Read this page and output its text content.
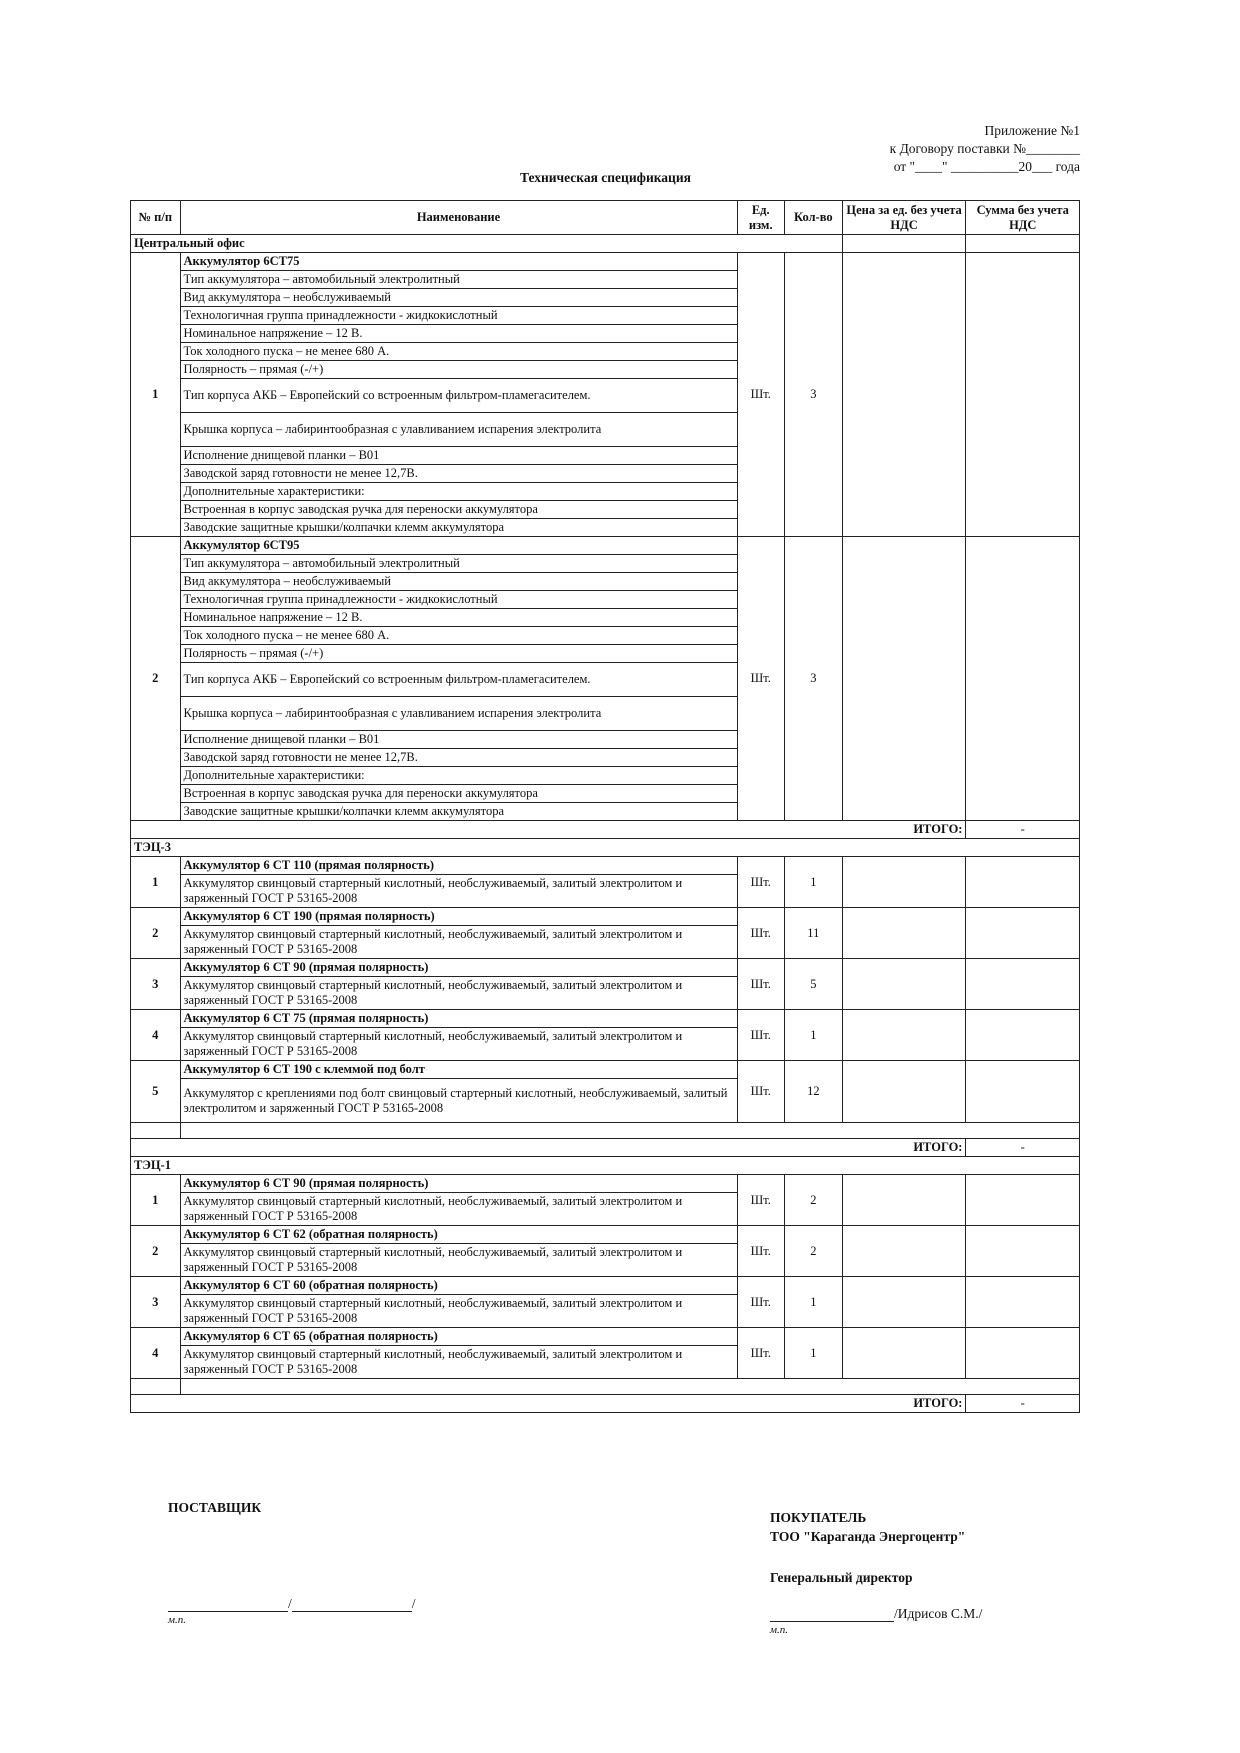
Приложение №1
к Договору поставки №________
от "____" __________20___ года
Техническая спецификация
№ п/п	Наименование	Ед. изм.	Кол-во	Цена за ед. без учета НДС	Сумма без учета НДС
Центральный офис					
1	Аккумулятор 6СТ75	Шт.	3		
	Тип аккумулятора – автомобильный электролитный				
	Вид аккумулятора – необслуживаемый				
	Технологичная группа принадлежности - жидкокислотный				
	Номинальное напряжение – 12 В.				
	Ток холодного пуска – не менее 680 А.				
	Полярность – прямая (-/+)				
	Тип корпуса АКБ – Европейский со встроенным фильтром-пламегасителем.				
	Крышка корпуса – лабиринтообразная с улавливанием испарения электролита				
	Исполнение днищевой планки – В01				
	Заводской заряд готовности не менее 12,7В.				
	Дополнительные характеристики:				
	Встроенная в корпус заводская ручка для переноски аккумулятора				
	Заводские защитные крышки/колпачки клемм аккумулятора				
2	Аккумулятор 6СТ95	Шт.	3		
	Тип аккумулятора – автомобильный электролитный				
	Вид аккумулятора – необслуживаемый				
	Технологичная группа принадлежности - жидкокислотный				
	Номинальное напряжение – 12 В.				
	Ток холодного пуска – не менее 680 А.				
	Полярность – прямая (-/+)				
	Тип корпуса АКБ – Европейский со встроенным фильтром-пламегасителем.				
	Крышка корпуса – лабиринтообразная с улавливанием испарения электролита				
	Исполнение днищевой планки – В01				
	Заводской заряд готовности не менее 12,7В.				
	Дополнительные характеристики:				
	Встроенная в корпус заводская ручка для переноски аккумулятора				
	Заводские защитные крышки/колпачки клемм аккумулятора				
ИТОГО:					-
ТЭЦ-3					
1	Аккумулятор 6 СТ 110 (прямая полярность)	Шт.	1		
	Аккумулятор свинцовый стартерный кислотный, необслуживаемый, залитый электролитом и заряженный ГОСТ Р 53165-2008				
2	Аккумулятор 6 СТ 190 (прямая полярность)	Шт.	11		
	Аккумулятор свинцовый стартерный кислотный, необслуживаемый, залитый электролитом и заряженный ГОСТ Р 53165-2008				
3	Аккумулятор 6 СТ 90 (прямая полярность)	Шт.	5		
	Аккумулятор свинцовый стартерный кислотный, необслуживаемый, залитый электролитом и заряженный ГОСТ Р 53165-2008				
4	Аккумулятор 6 СТ 75 (прямая полярность)	Шт.	1		
	Аккумулятор свинцовый стартерный кислотный, необслуживаемый, залитый электролитом и заряженный ГОСТ Р 53165-2008				
5	Аккумулятор 6 СТ 190 с клеммой под болт	Шт.	12		
	Аккумулятор с креплениями под болт свинцовый стартерный кислотный, необслуживаемый, залитый электролитом и заряженный ГОСТ Р 53165-2008				

ИТОГО:					-
ТЭЦ-1					
1	Аккумулятор 6 СТ 90 (прямая полярность)	Шт.	2		
	Аккумулятор свинцовый стартерный кислотный, необслуживаемый, залитый электролитом и заряженный ГОСТ Р 53165-2008				
2	Аккумулятор 6 СТ 62 (обратная полярность)	Шт.	2		
	Аккумулятор свинцовый стартерный кислотный, необслуживаемый, залитый электролитом и заряженный ГОСТ Р 53165-2008				
3	Аккумулятор 6 СТ 60 (обратная полярность)	Шт.	1		
	Аккумулятор свинцовый стартерный кислотный, необслуживаемый, залитый электролитом и заряженный ГОСТ Р 53165-2008				
4	Аккумулятор 6 СТ 65 (обратная полярность)	Шт.	1		
	Аккумулятор свинцовый стартерный кислотный, необслуживаемый, залитый электролитом и заряженный ГОСТ Р 53165-2008				

ИТОГО:					-
ПОСТАВЩИК
ПОКУПАТЕЛЬ
ТОО "Караганда Энергоцентр"
Генеральный директор
/	/
м.п.	/Идрисов С.М./
м.п.
